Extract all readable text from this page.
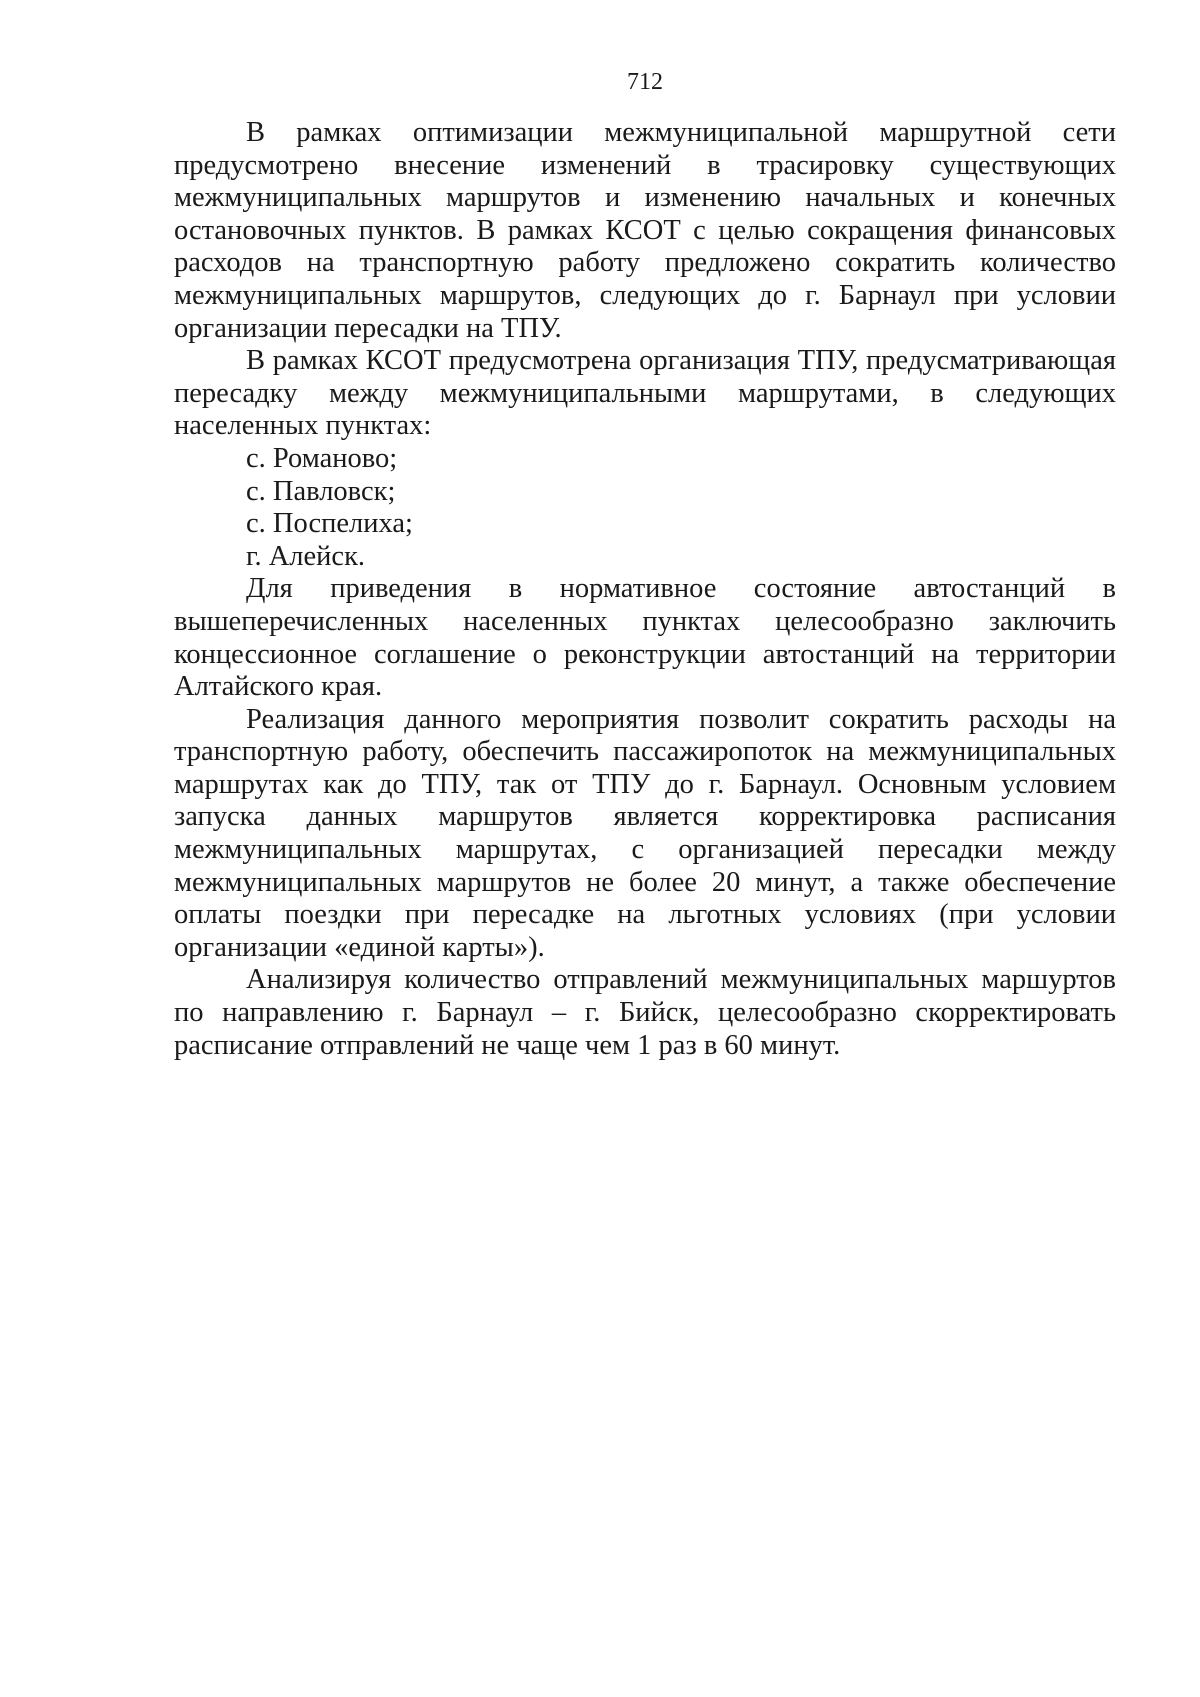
712

В рамках оптимизации межмуниципальной маршрутной сети предусмотрено внесение изменений в трасировку существующих межмуниципальных маршрутов и изменению начальных и конечных остановочных пунктов. В рамках КСОТ с целью сокращения финансовых расходов на транспортную работу предложено сократить количество межмуниципальных маршрутов, следующих до г. Барнаул при условии организации пересадки на ТПУ.

В рамках КСОТ предусмотрена организация ТПУ, предусматривающая пересадку между межмуниципальными маршрутами, в следующих населенных пунктах:

с. Романово;

с. Павловск;

с. Поспелиха;

г. Алейск.

Для приведения в нормативное состояние автостанций в вышеперечисленных населенных пунктах целесообразно заключить концессионное соглашение о реконструкции автостанций на территории Алтайского края.

Реализация данного мероприятия позволит сократить расходы на транспортную работу, обеспечить пассажиропоток на межмуниципальных маршрутах как до ТПУ, так от ТПУ до г. Барнаул. Основным условием запуска данных маршрутов является корректировка расписания межмуниципальных маршрутах, с организацией пересадки между межмуниципальных маршрутов не более 20 минут, а также обеспечение оплаты поездки при пересадке на льготных условиях (при условии организации «единой карты»).

Анализируя количество отправлений межмуниципальных маршуртов по направлению г. Барнаул – г. Бийск, целесообразно скорректировать расписание отправлений не чаще чем 1 раз в 60 минут.
